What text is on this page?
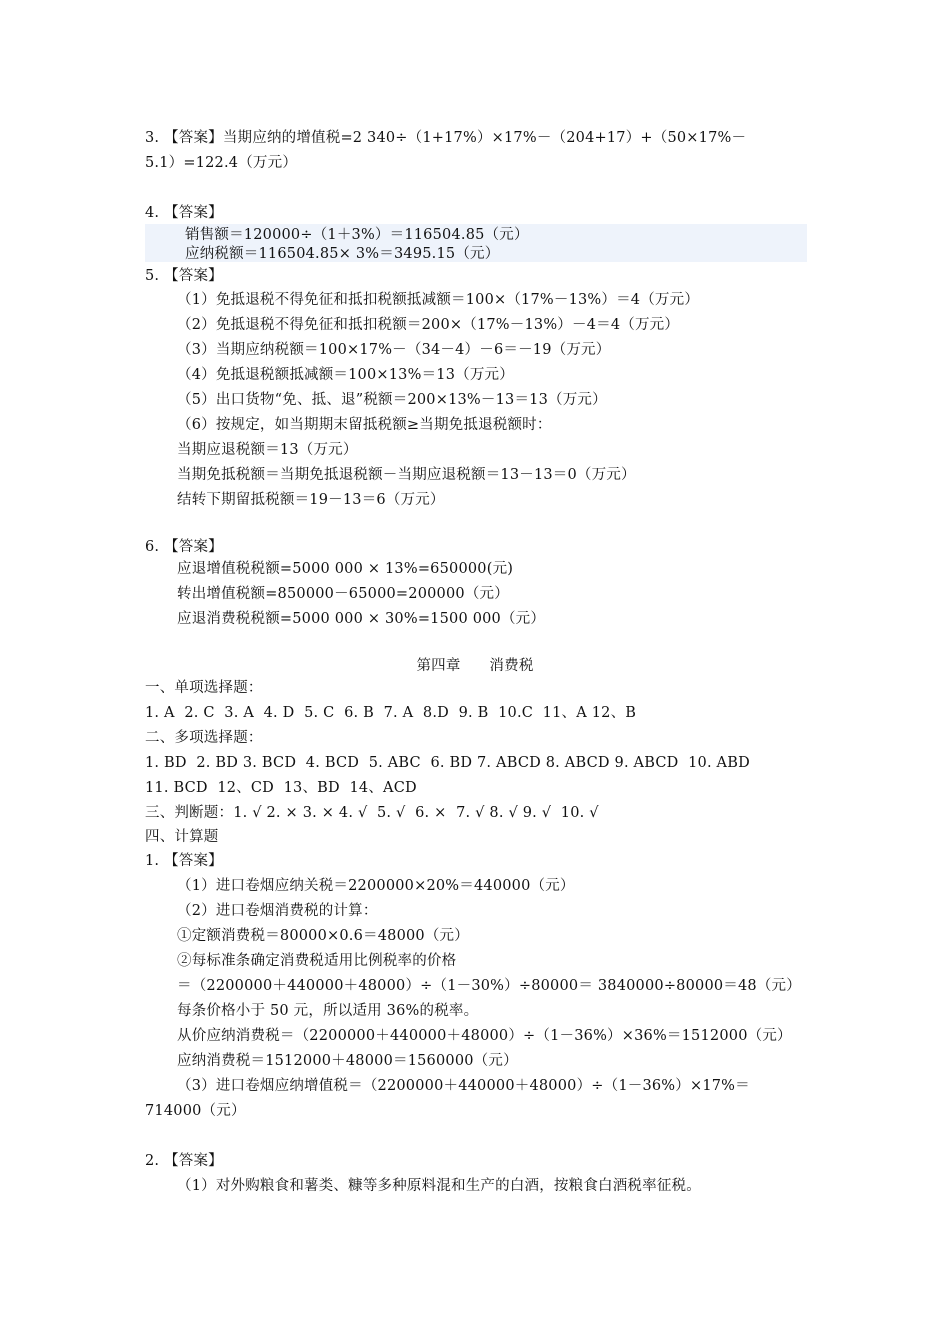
3. 【答案】当期应纳的增值税=2 340÷（1+17%）×17%－（204+17）+（50×17%－
5.1）=122.4（万元）
4. 【答案】
销售额＝120000÷（1＋3%）＝116504.85（元）
应纳税额＝116504.85× 3%＝3495.15（元）
5. 【答案】
（1）免抵退税不得免征和抵扣税额抵减额＝100×（17%－13%）＝4（万元）
（2）免抵退税不得免征和抵扣税额＝200×（17%－13%）－4＝4（万元）
（3）当期应纳税额＝100×17%－（34－4）－6＝－19（万元）
（4）免抵退税额抵减额＝100×13%＝13（万元）
（5）出口货物“免、抵、退”税额＝200×13%－13＝13（万元）
（6）按规定，如当期期末留抵税额≥当期免抵退税额时：
当期应退税额＝13（万元）
当期免抵税额＝当期免抵退税额－当期应退税额＝13－13＝0（万元）
结转下期留抵税额＝19－13＝6（万元）
6. 【答案】
应退增值税税额=5000 000 × 13%=650000(元)
转出增值税额=850000－65000=200000（元）
应退消费税税额=5000 000 × 30%=1500 000（元）
第四章      消费税
一、单项选择题：
1. A  2. C  3. A  4. D  5. C  6. B  7. A  8.D  9. B  10.C  11、A 12、B
二、多项选择题：
1. BD  2. BD 3. BCD  4. BCD  5. ABC  6. BD 7. ABCD 8. ABCD 9. ABCD  10. ABD
11. BCD  12、CD  13、BD  14、ACD
三、判断题：1. √ 2. × 3. × 4. √  5. √  6. ×  7. √ 8. √ 9. √  10. √
四、计算题
1. 【答案】
（1）进口卷烟应纳关税＝2200000×20%＝440000（元）
（2）进口卷烟消费税的计算：
①定额消费税＝80000×0.6＝48000（元）
②每标准条确定消费税适用比例税率的价格
＝（2200000＋440000＋48000）÷（1－30%）÷80000＝ 3840000÷80000＝48（元）
每条价格小于 50 元，所以适用 36%的税率。
从价应纳消费税＝（2200000＋440000＋48000）÷（1－36%）×36%＝1512000（元）
应纳消费税＝1512000＋48000＝1560000（元）
（3）进口卷烟应纳增值税＝（2200000＋440000＋48000）÷（1－36%）×17%＝
714000（元）
2. 【答案】
（1）对外购粮食和薯类、糠等多种原料混和生产的白酒，按粮食白酒税率征税。
